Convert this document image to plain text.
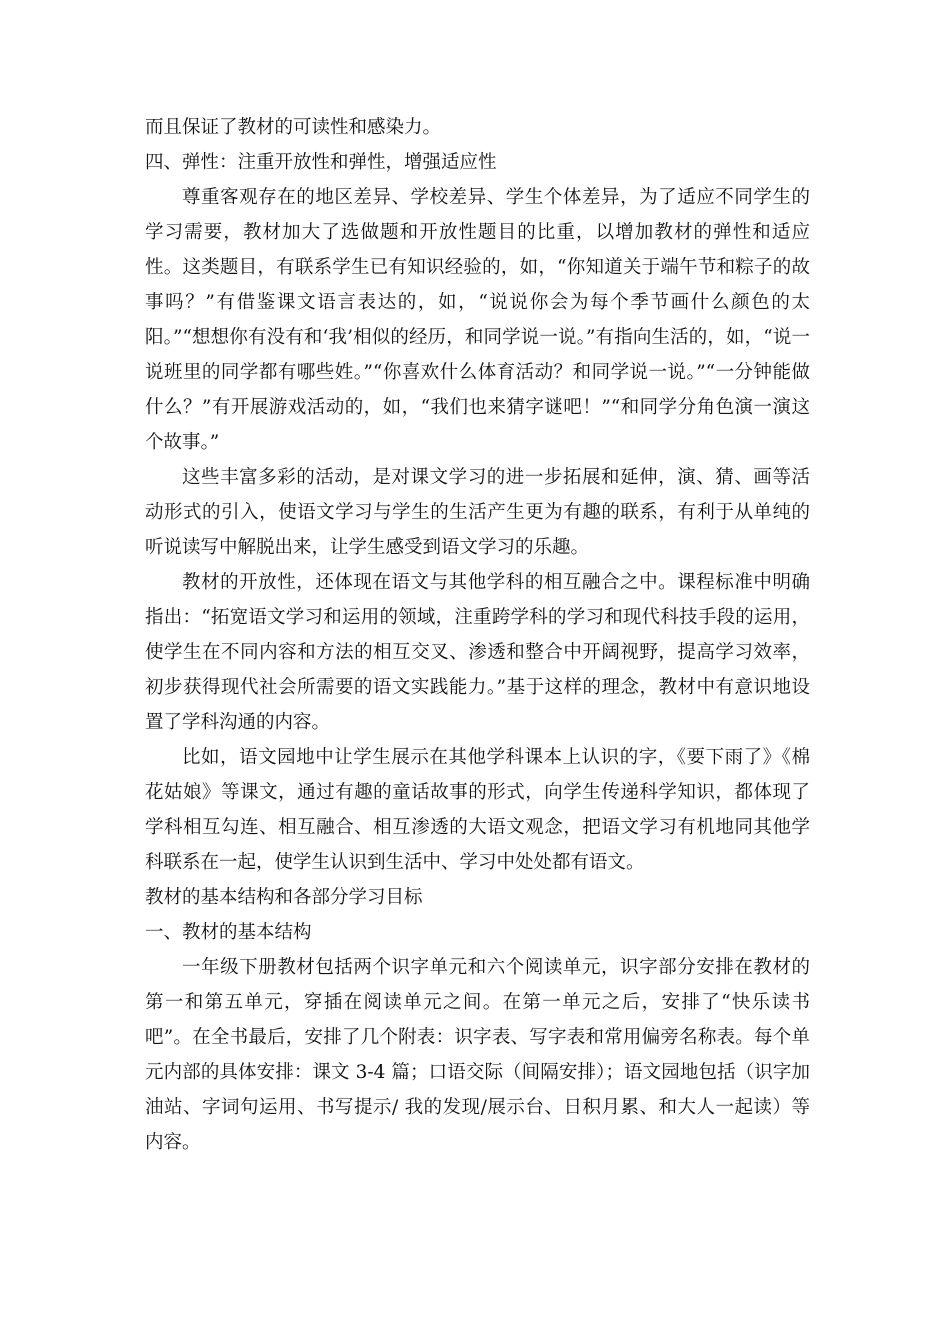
而且保证了教材的可读性和感染力。

四、弹性：注重开放性和弹性，增强适应性

尊重客观存在的地区差异、学校差异、学生个体差异，为了适应不同学生的学习需要，教材加大了选做题和开放性题目的比重，以增加教材的弹性和适应性。这类题目，有联系学生已有知识经验的，如，“你知道关于端午节和粽子的故事吗？”有借鉴课文语言表达的，如，“说说你会为每个季节画什么颜色的太阳。”“想想你有没有和‘我’相似的经历，和同学说一说。”有指向生活的，如，“说一说班里的同学都有哪些姓。”“你喜欢什么体育活动？和同学说一说。”“一分钟能做什么？”有开展游戏活动的，如，“我们也来猜字谜吧！”“和同学分角色演一演这个故事。”

这些丰富多彩的活动，是对课文学习的进一步拓展和延伸，演、猜、画等活动形式的引入，使语文学习与学生的生活产生更为有趣的联系，有利于从单纯的听说读写中解脱出来，让学生感受到语文学习的乐趣。

教材的开放性，还体现在语文与其他学科的相互融合之中。课程标准中明确指出：“拓宽语文学习和运用的领域，注重跨学科的学习和现代科技手段的运用，使学生在不同内容和方法的相互交叉、渗透和整合中开阔视野，提高学习效率，初步获得现代社会所需要的语文实践能力。”基于这样的理念，教材中有意识地设置了学科沟通的内容。

比如，语文园地中让学生展示在其他学科课本上认识的字，《要下雨了》《棉花姑娘》等课文，通过有趣的童话故事的形式，向学生传递科学知识，都体现了学科相互勾连、相互融合、相互渗透的大语文观念，把语文学习有机地同其他学科联系在一起，使学生认识到生活中、学习中处处都有语文。

教材的基本结构和各部分学习目标

一、教材的基本结构

一年级下册教材包括两个识字单元和六个阅读单元，识字部分安排在教材的第一和第五单元，穿插在阅读单元之间。在第一单元之后，安排了“快乐读书吧”。在全书最后，安排了几个附表：识字表、写字表和常用偏旁名称表。每个单元内部的具体安排：课文 3-4 篇；口语交际（间隔安排）；语文园地包括（识字加油站、字词句运用、书写提示/ 我的发现/展示台、日积月累、和大人一起读）等内容。
